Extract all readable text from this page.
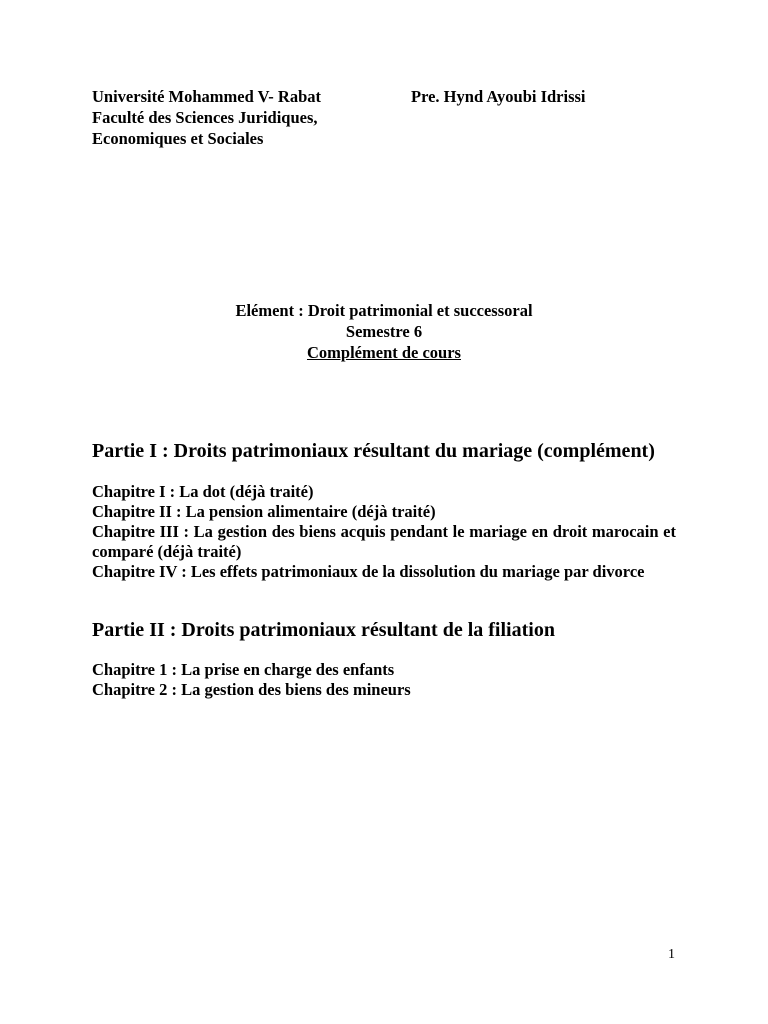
Université Mohammed V- Rabat
Faculté des Sciences Juridiques,
Economiques et Sociales
Pre. Hynd Ayoubi Idrissi
Elément : Droit patrimonial et successoral
Semestre 6
Complément de cours
Partie I : Droits patrimoniaux résultant du mariage (complément)

Chapitre I : La dot (déjà traité)

Chapitre II : La pension alimentaire (déjà traité)

Chapitre III : La gestion des biens acquis pendant le mariage en droit marocain et comparé (déjà traité)

Chapitre IV : Les effets patrimoniaux de la dissolution du mariage par divorce

Partie II : Droits patrimoniaux résultant de la filiation

Chapitre 1 : La prise en charge des enfants

Chapitre 2 : La gestion des biens des mineurs

1
